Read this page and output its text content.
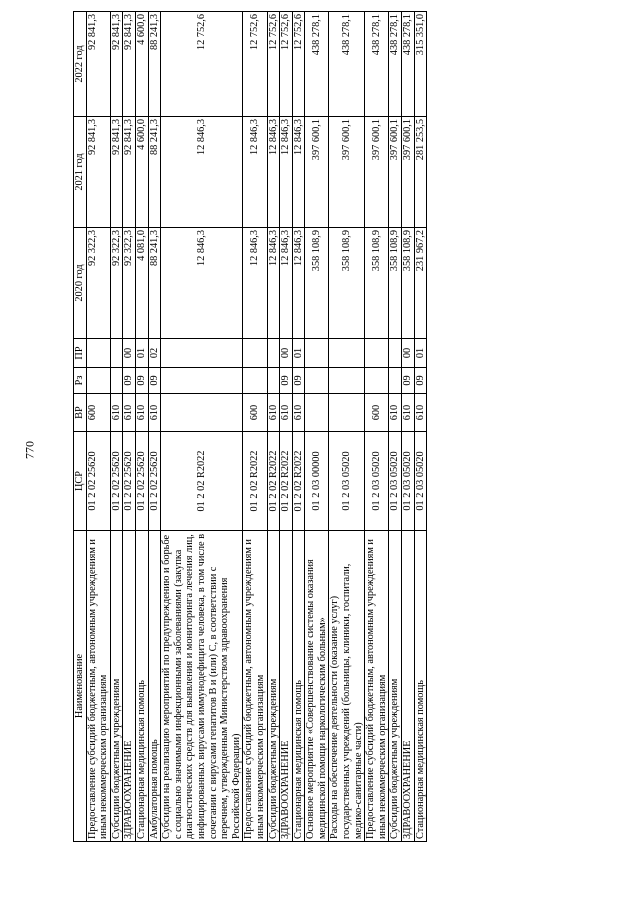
770
Наименование	ЦСР	ВР	Рз	ПР	2020 год	2021 год	2022 год
Предоставление субсидий бюджетным, автономным учреждениям и иным некоммерческим организациям	01 2 02 25620	600			92 322,3	92 841,3	92 841,3
Субсидии бюджетным учреждениям	01 2 02 25620	610			92 322,3	92 841,3	92 841,3
ЗДРАВООХРАНЕНИЕ	01 2 02 25620	610	09	00	92 322,3	92 841,3	92 841,3
Стационарная медицинская помощь	01 2 02 25620	610	09	01	4 081,0	4 600,0	4 600,0
Амбулаторная помощь	01 2 02 25620	610	09	02	88 241,3	88 241,3	88 241,3
Субсидии на реализацию мероприятий по предупреждению и борьбе с социально значимыми инфекционными заболеваниями (закупка диагностических средств для выявления и мониторинга лечения лиц, инфицированных вирусами иммунодефицита человека, в том числе в сочетании с вирусами гепатитов B и (или) C, в соответствии с перечнем, утвержденным Министерством здравоохранения Российской Федерации)	01 2 02 R2022				12 846,3	12 846,3	12 752,6
Предоставление субсидий бюджетным, автономным учреждениям и иным некоммерческим организациям	01 2 02 R2022	600			12 846,3	12 846,3	12 752,6
Субсидии бюджетным учреждениям	01 2 02 R2022	610			12 846,3	12 846,3	12 752,6
ЗДРАВООХРАНЕНИЕ	01 2 02 R2022	610	09	00	12 846,3	12 846,3	12 752,6
Стационарная медицинская помощь	01 2 02 R2022	610	09	01	12 846,3	12 846,3	12 752,6
Основное мероприятие «Совершенствование системы оказания медицинской помощи наркологическим больным»	01 2 03 00000				358 108,9	397 600,1	438 278,1
Расходы на обеспечение деятельности (оказание услуг) государственных учреждений (больницы, клиники, госпитали, медико-санитарные части)	01 2 03 05020				358 108,9	397 600,1	438 278,1
Предоставление субсидий бюджетным, автономным учреждениям и иным некоммерческим организациям	01 2 03 05020	600			358 108,9	397 600,1	438 278,1
Субсидии бюджетным учреждениям	01 2 03 05020	610			358 108,9	397 600,1	438 278,1
ЗДРАВООХРАНЕНИЕ	01 2 03 05020	610	09	00	358 108,9	397 600,1	438 278,1
Стационарная медицинская помощь	01 2 03 05020	610	09	01	231 967,2	281 253,5	315 351,0
